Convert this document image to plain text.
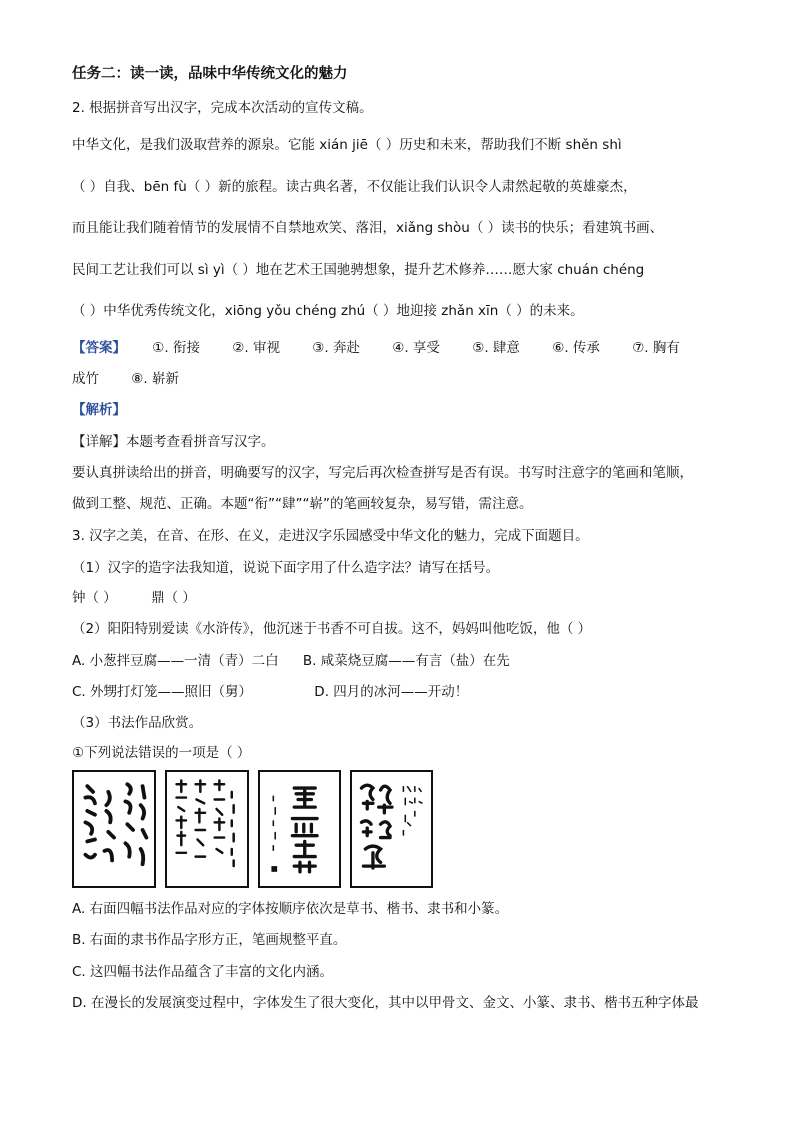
任务二：读一读，品味中华传统文化的魅力
2. 根据拼音写出汉字，完成本次活动的宣传文稿。
中华文化，是我们汲取营养的源泉。它能 xián jiē（ ）历史和未来，帮助我们不断 shěn shì
（ ）自我、bēn fù（ ）新的旅程。读古典名著，不仅能让我们认识令人肃然起敬的英雄豪杰，
而且能让我们随着情节的发展情不自禁地欢笑、落泪，xiǎng shòu（ ）读书的快乐；看建筑书画、
民间工艺让我们可以 sì yì（ ）地在艺术王国驰骋想象，提升艺术修养……愿大家 chuán chéng
（ ）中华优秀传统文化，xiōng yǒu chéng zhú（ ）地迎接 zhǎn xīn（ ）的未来。
【答案】 ①. 衔接 ②. 审视 ③. 奔赴 ④. 享受 ⑤. 肆意 ⑥. 传承 ⑦. 胸有
成竹 ⑧. 崭新
【解析】
【详解】本题考查看拼音写汉字。
要认真拼读给出的拼音，明确要写的汉字，写完后再次检查拼写是否有误。书写时注意字的笔画和笔顺，
做到工整、规范、正确。本题“衔”“肆”“崭”的笔画较复杂，易写错，需注意。
3. 汉字之美，在音、在形、在义，走进汉字乐园感受中华文化的魅力，完成下面题目。
（1）汉字的造字法我知道，说说下面字用了什么造字法？请写在括号。
钟（ ）	鼎（ ）
（2）阳阳特别爱读《水浒传》，他沉迷于书香不可自拔。这不，妈妈叫他吃饭，他（ ）
A. 小葱拌豆腐——一清（青）二白 B. 咸菜烧豆腐——有言（盐）在先
C. 外甥打灯笼——照旧（舅）	D. 四月的冰河——开动！
（3）书法作品欣赏。
①下列说法错误的一项是（ ）
A. 右面四幅书法作品对应的字体按顺序依次是草书、楷书、隶书和小篆。
B. 右面的隶书作品字形方正，笔画规整平直。
C. 这四幅书法作品蕴含了丰富的文化内涵。
D. 在漫长的发展演变过程中，字体发生了很大变化，其中以甲骨文、金文、小篆、隶书、楷书五种字体最
